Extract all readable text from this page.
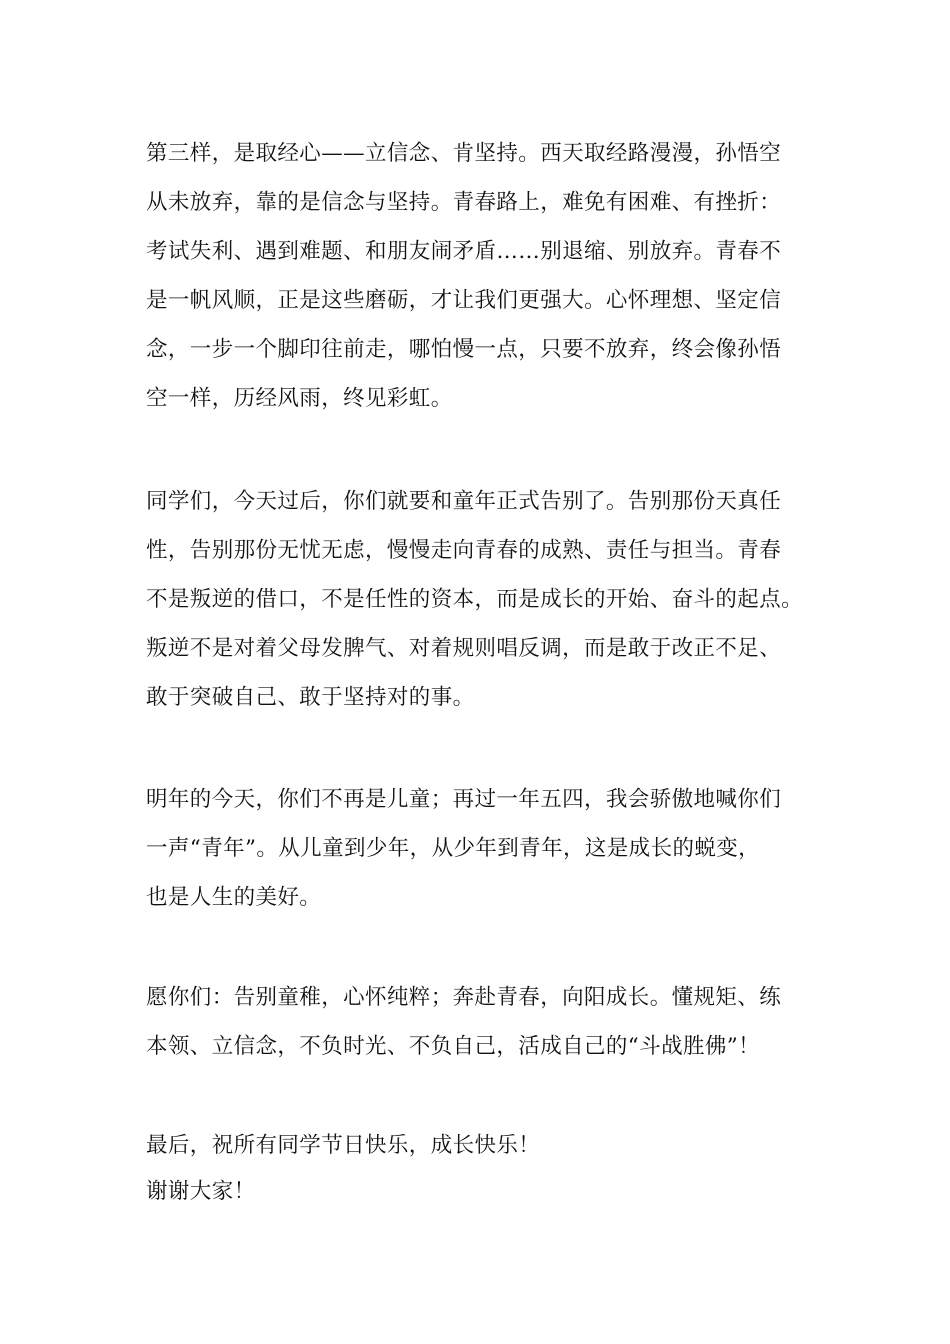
第三样，是取经心——立信念、肯坚持。西天取经路漫漫，孙悟空
从未放弃，靠的是信念与坚持。青春路上，难免有困难、有挫折：
考试失利、遇到难题、和朋友闹矛盾……别退缩、别放弃。青春不
是一帆风顺，正是这些磨砺，才让我们更强大。心怀理想、坚定信
念，一步一个脚印往前走，哪怕慢一点，只要不放弃，终会像孙悟
空一样，历经风雨，终见彩虹。

同学们，今天过后，你们就要和童年正式告别了。告别那份天真任
性，告别那份无忧无虑，慢慢走向青春的成熟、责任与担当。青春
不是叛逆的借口，不是任性的资本，而是成长的开始、奋斗的起点。
叛逆不是对着父母发脾气、对着规则唱反调，而是敢于改正不足、
敢于突破自己、敢于坚持对的事。

明年的今天，你们不再是儿童；再过一年五四，我会骄傲地喊你们
一声“青年”。从儿童到少年，从少年到青年，这是成长的蜕变，
也是人生的美好。

愿你们：告别童稚，心怀纯粹；奔赴青春，向阳成长。懂规矩、练
本领、立信念，不负时光、不负自己，活成自己的“斗战胜佛”！

最后，祝所有同学节日快乐，成长快乐！

谢谢大家！
